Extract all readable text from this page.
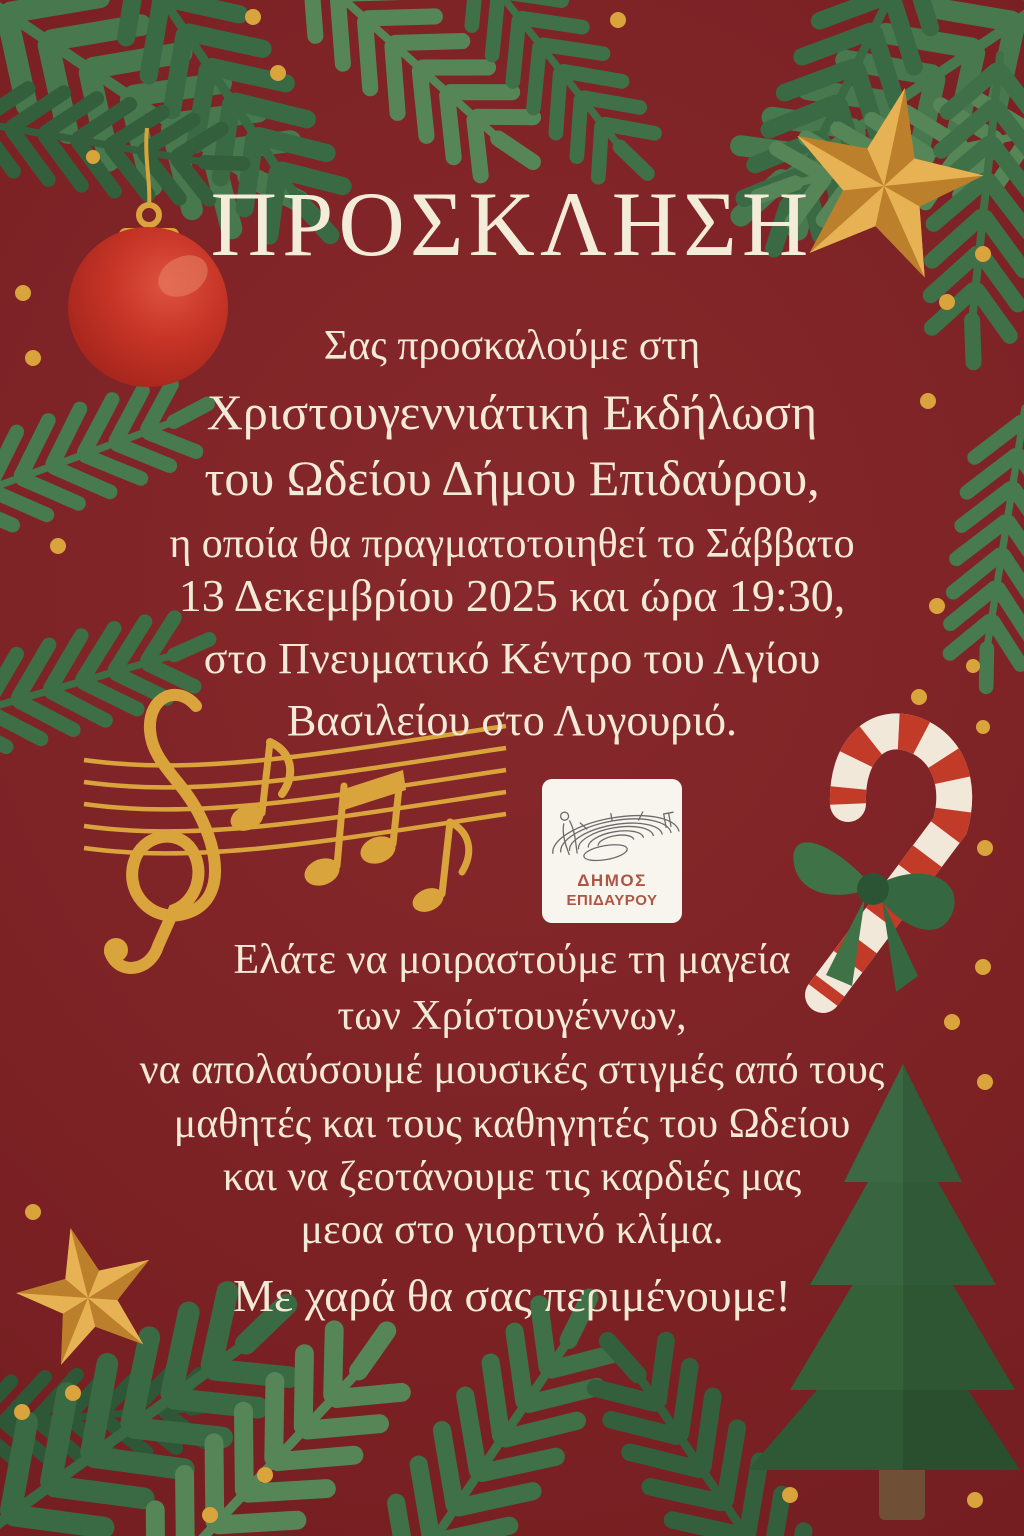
ΠΡΟΣΚΛΗΣΗ
Σας προσκαλούμε στη
Χριστουγεννιάτικη Εκδήλωση
του Ωδείου Δήμου Επιδαύρου,
η οποία θα πραγματοτοιηθεί το Σάββατο
13 Δεκεμβρίου 2025 και ώρα 19:30,
στο Πνευματικό Κέντρο του Λγίου
Βασιλείου στο Λυγουριό.
Ελάτε να μοιραστούμε τη μαγεία
των Χρίστουγέννων,
να απολαύσουμέ μουσικές στιγμές από τους
μαθητές και τους καθηγητές του Ωδείου
και να ζεοτάνουμε τις καρδιές μας
μεοα στο γιορτινό κλίμα.
Με χαρά θα σας περιμένουμε!
ΔΗΜΟΣ
ΕΠΙΔΑΥΡΟΥ
